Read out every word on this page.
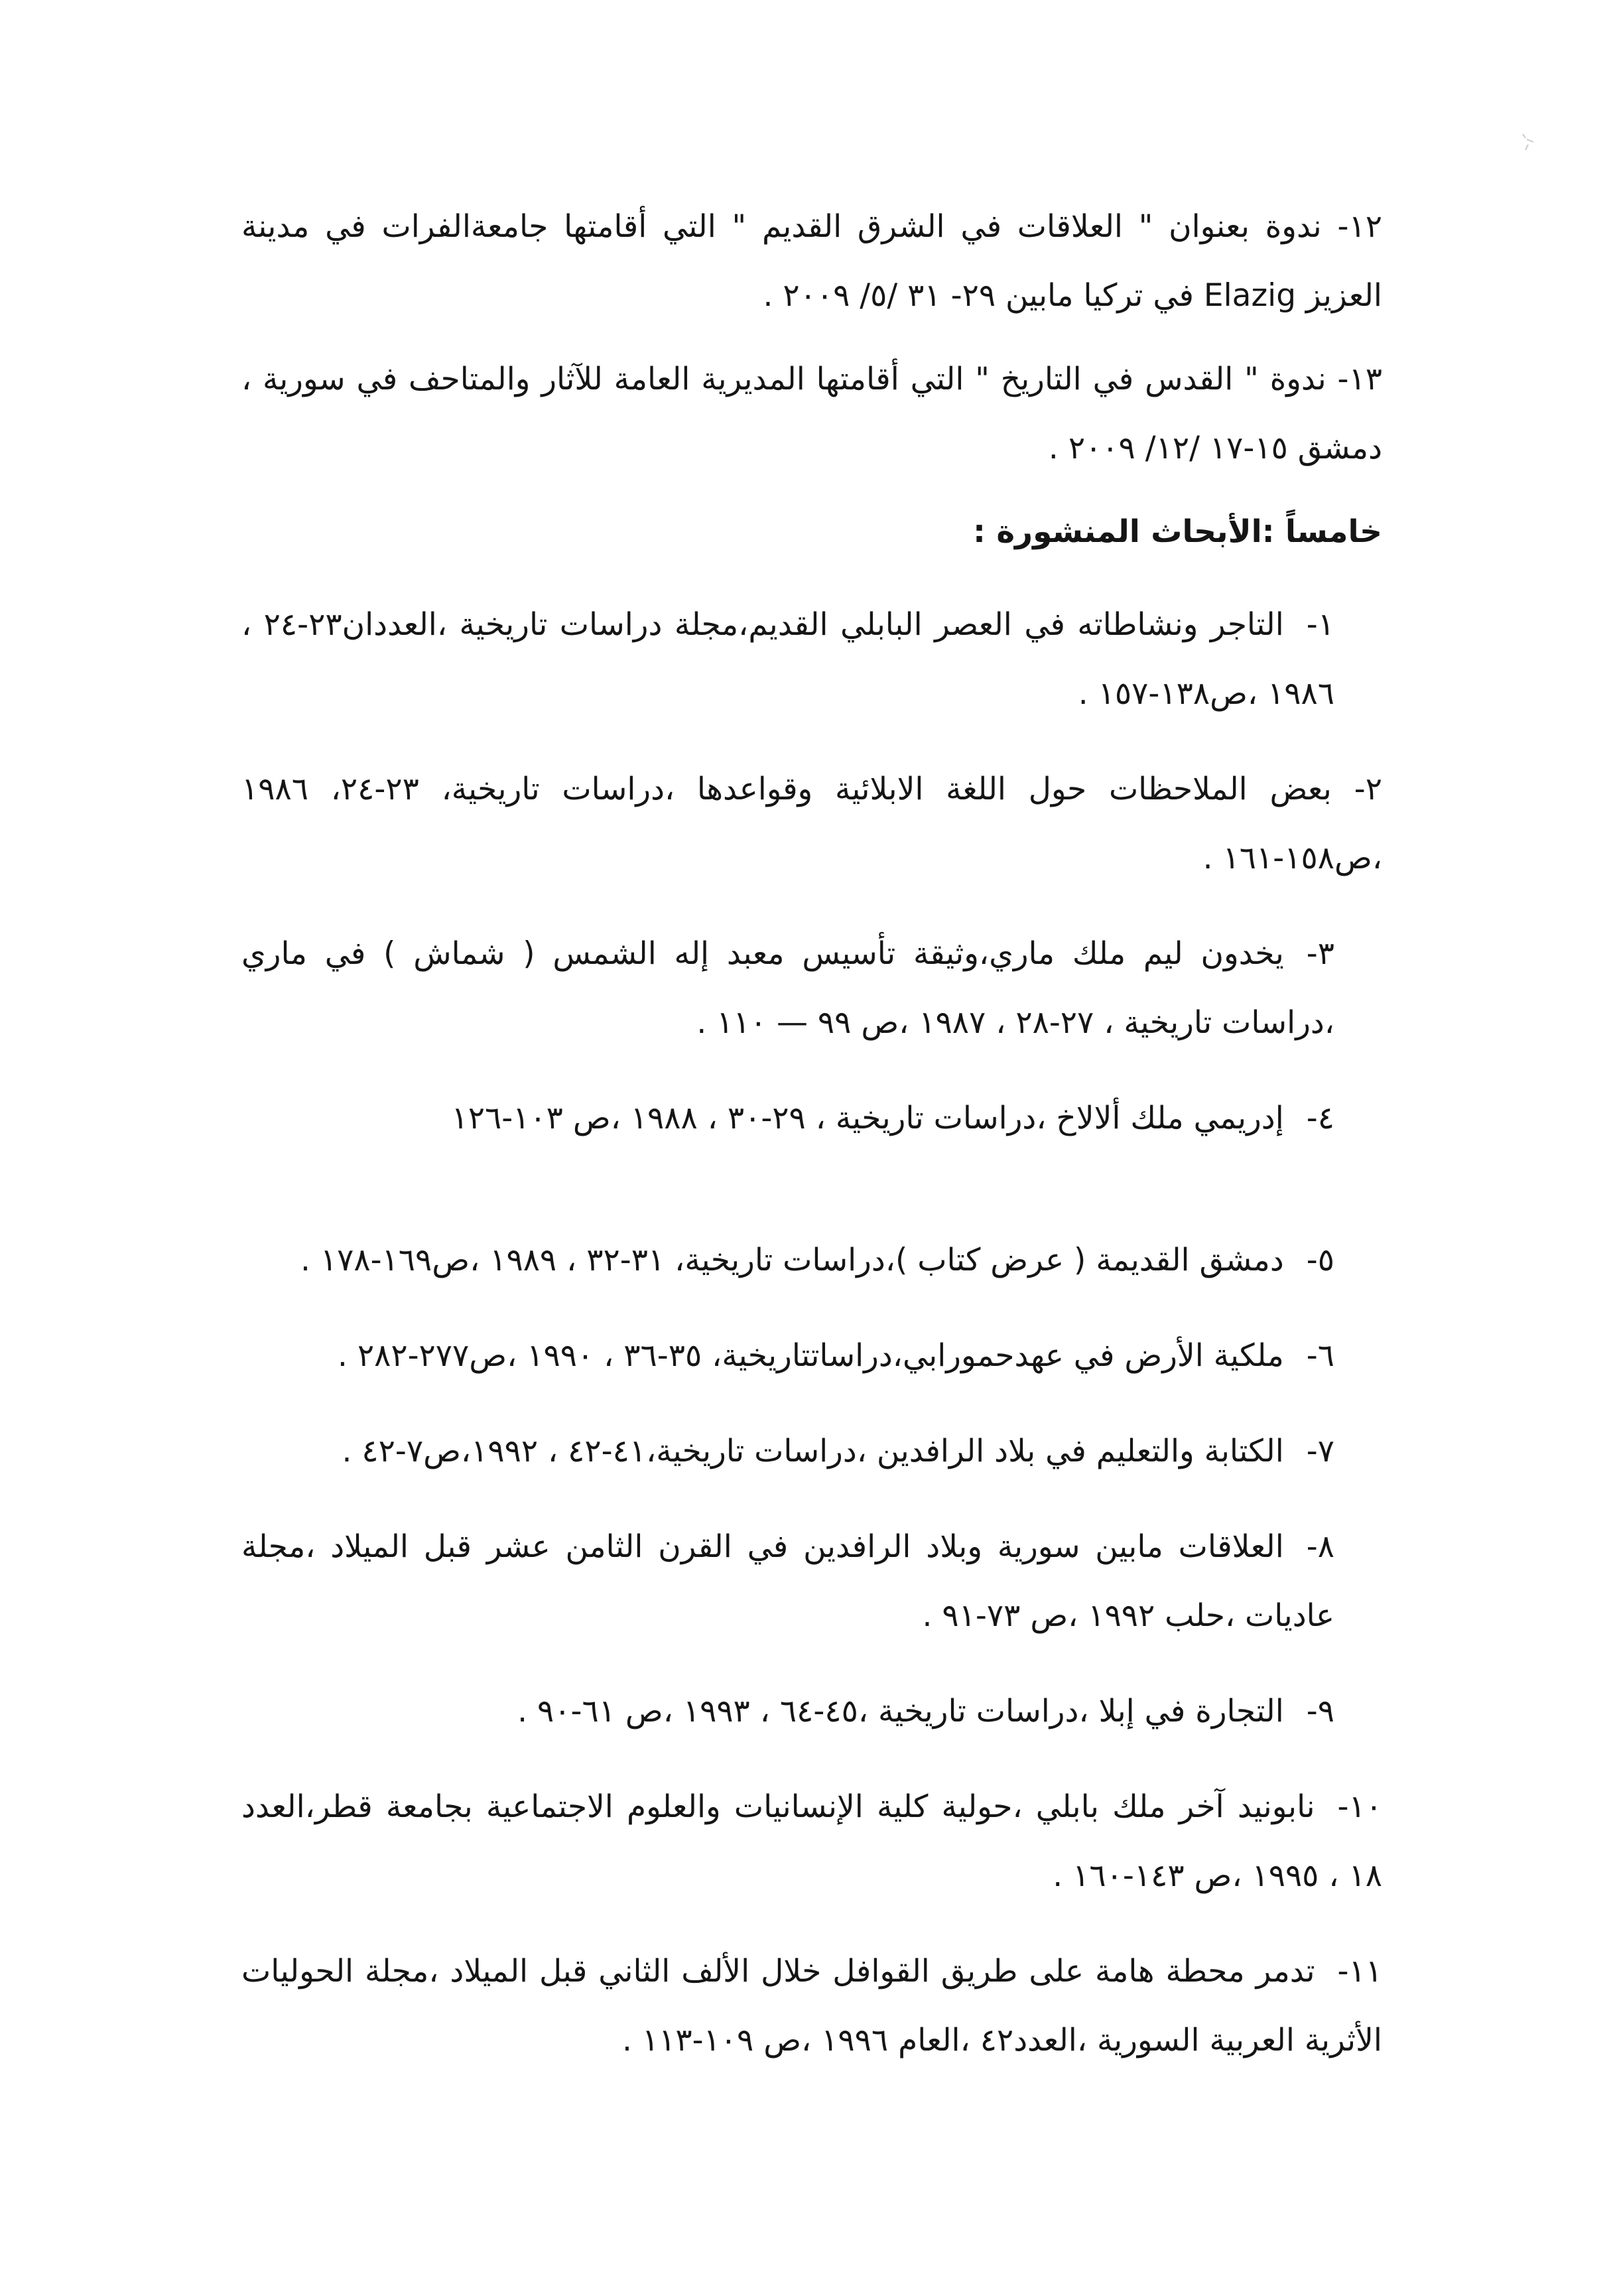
١٢- ندوة بعنوان " العلاقات في الشرق القديم " التي أقامتها جامعةالفرات في مدينة العزيز Elazig في تركيا مابين ٢٩- ٣١ /٥/ ٢٠٠٩ .

١٣- ندوة " القدس في التاريخ " التي أقامتها المديرية العامة للآثار والمتاحف في سورية ، دمشق ١٥-١٧ /١٢/ ٢٠٠٩ .

خامساً :الأبحاث المنشورة :

١-التاجر ونشاطاته في العصر البابلي القديم،مجلة دراسات تاريخية ،العددان٢٣-٢٤ ، ١٩٨٦ ،ص١٣٨-١٥٧ .

٢-بعض الملاحظات حول اللغة الابلائية وقواعدها ،دراسات تاريخية، ٢٣-٢٤، ١٩٨٦ ،ص١٥٨-١٦١ .

٣-يخدون ليم ملك ماري،وثيقة تأسيس معبد إله الشمس ( شماش ) في ماري ،دراسات تاريخية ، ٢٧-٢٨ ، ١٩٨٧ ،ص ٩٩ — ١١٠ .

٤-إدريمي ملك ألالاخ ،دراسات تاريخية ، ٢٩-٣٠ ، ١٩٨٨ ،ص ١٠٣-١٢٦

٥-دمشق القديمة ( عرض كتاب )،دراسات تاريخية، ٣١-٣٢ ، ١٩٨٩ ،ص١٦٩-١٧٨ .

٦-ملكية الأرض في عهدحمورابي،دراساتتاريخية، ٣٥-٣٦ ، ١٩٩٠ ،ص٢٧٧-٢٨٢ .

٧-الكتابة والتعليم في بلاد الرافدين ،دراسات تاريخية،٤١-٤٢ ، ١٩٩٢،ص٧-٤٢ .

٨-العلاقات مابين سورية وبلاد الرافدين في القرن الثامن عشر قبل الميلاد ،مجلة عاديات ،حلب ١٩٩٢ ،ص ٧٣-٩١ .

٩-التجارة في إبلا ،دراسات تاريخية ،٤٥-٦٤ ، ١٩٩٣ ،ص ٦١-٩٠ .

١٠-نابونيد آخر ملك بابلي ،حولية كلية الإنسانيات والعلوم الاجتماعية بجامعة قطر،العدد ١٨ ، ١٩٩٥ ،ص ١٤٣-١٦٠ .

١١-تدمر محطة هامة على طريق القوافل خلال الألف الثاني قبل الميلاد ،مجلة الحوليات الأثرية العربية السورية ،العدد٤٢ ،العام ١٩٩٦ ،ص ١٠٩-١١٣ .
